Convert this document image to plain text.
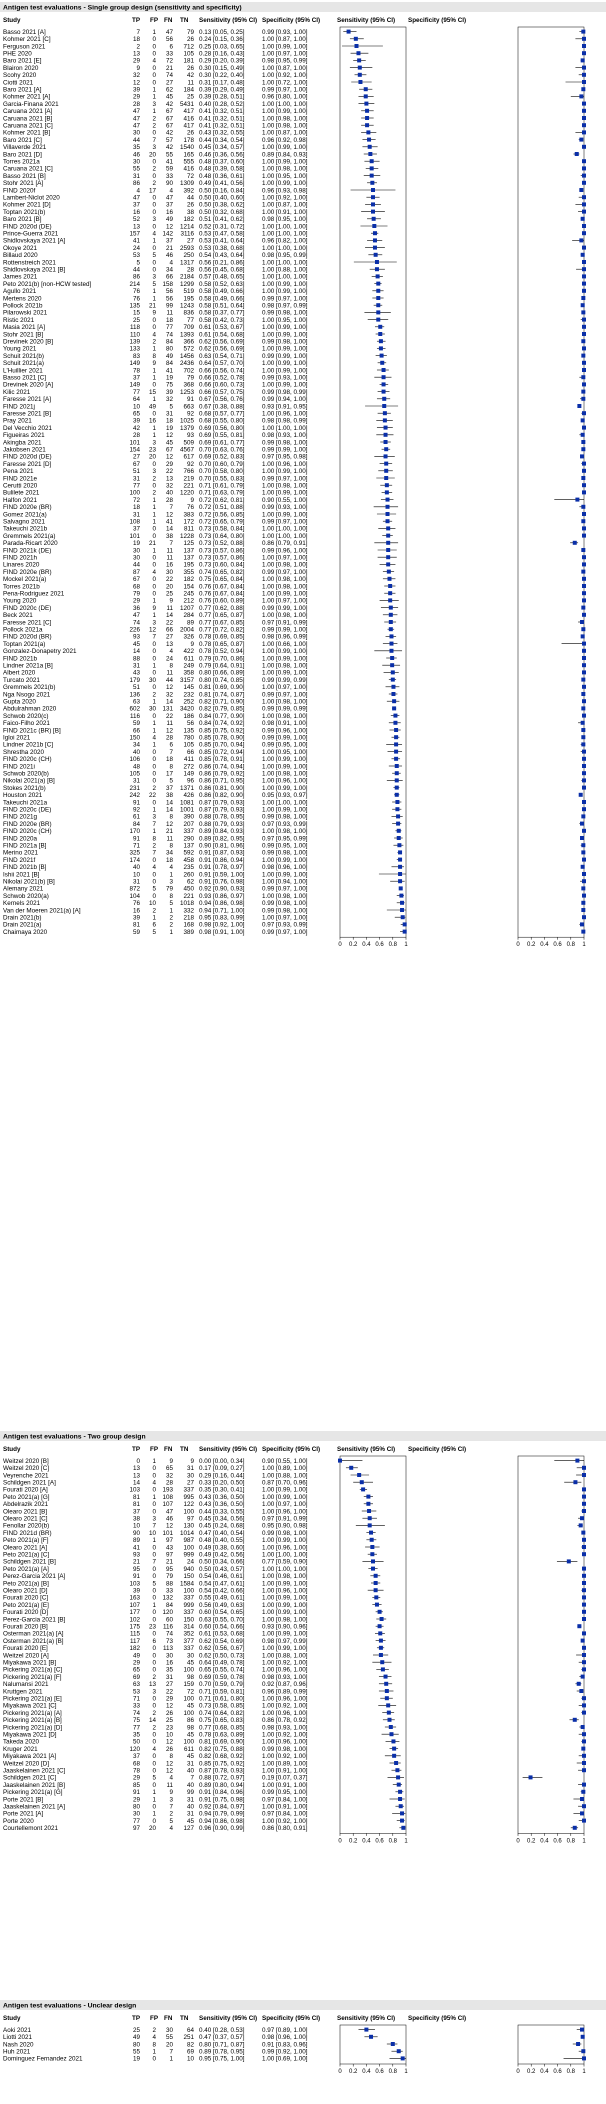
Antigen test evaluations - Single group design (sensitivity and specificity)
Study	TP FP FN TN Sensitivity (95% CI) Specificity (95% CI)	Sensitivity (95% CI) Specificity (95% CI)
Basso 2021 [A]	7 1 47 79 0.13 [0.05, 0.25]	0.99 [0.93, 1.00]
Kohmer 2021 [C]	18 0 56 26 0.24 [0.15, 0.36]	1.00 [0.87, 1.00]
Ferguson 2021	2 0 6 712 0.25 [0.03, 0.65]	1.00 [0.99, 1.00]
PHE 2020	13 0 33 105 0.28 [0.16, 0.43]	1.00 [0.97, 1.00]
Baro 2021 [E]	29 4 72 181 0.29 [0.20, 0.39]	0.98 [0.95, 0.99]
Blairon 2020	9 0 21 26 0.30 [0.15, 0.49]	1.00 [0.87, 1.00]
Scohy 2020	32 0 74 42 0.30 [0.22, 0.40]	1.00 [0.92, 1.00]
Ciotti 2021	12 0 27 11 0.31 [0.17, 0.48]	1.00 [0.72, 1.00]
Baro 2021 [A]	39 1 62 184 0.39 [0.29, 0.49]	0.99 [0.97, 1.00]
Kohmer 2021 [A]	29 1 45 25 0.39 [0.28, 0.51]	0.96 [0.80, 1.00]
Garcia-Finana 2021	28 3 42 5431 0.40 [0.28, 0.52]	1.00 [1.00, 1.00]
Caruana 2021 [A]	47 1 67 417 0.41 [0.32, 0.51]	1.00 [0.99, 1.00]
Caruana 2021 [B]	47 2 67 416 0.41 [0.32, 0.51]	1.00 [0.98, 1.00]
Caruana 2021 [C]	47 2 67 417 0.41 [0.32, 0.51]	1.00 [0.98, 1.00]
Kohmer 2021 [B]	30 0 42 26 0.43 [0.32, 0.55]	1.00 [0.87, 1.00]
Baro 2021 [C]	44 7 57 178 0.44 [0.34, 0.54]	0.96 [0.92, 0.98]
Villaverde 2021	35 3 42 1540 0.45 [0.34, 0.57]	1.00 [0.99, 1.00]
Baro 2021 [D]	46 20 55 165 0.46 [0.36, 0.56]	0.89 [0.84, 0.93]
Torres 2021a	30 0 41 555 0.48 [0.37, 0.60]	1.00 [0.99, 1.00]
Caruana 2021 [C]	55 2 59 416 0.48 [0.39, 0.58]	1.00 [0.98, 1.00]
Basso 2021 [B]	31 0 33 72 0.48 [0.36, 0.61]	1.00 [0.95, 1.00]
Stohr 2021 [A]	86 2 90 1309 0.49 [0.41, 0.56]	1.00 [0.99, 1.00]
FIND 2020f	4 17 4 392 0.50 [0.16, 0.84]	0.96 [0.93, 0.98]
Lambert-Niclot 2020	47 0 47 44 0.50 [0.40, 0.60]	1.00 [0.92, 1.00]
Kohmer 2021 [D]	37 0 37 26 0.50 [0.38, 0.62]	1.00 [0.87, 1.00]
Toptan 2021(b)	16 0 16 38 0.50 [0.32, 0.68]	1.00 [0.91, 1.00]
Baro 2021 [B]	52 3 49 182 0.51 [0.41, 0.62]	0.98 [0.95, 1.00]
FIND 2020d (DE)	13 0 12 1214 0.52 [0.31, 0.72]	1.00 [1.00, 1.00]
Prince-Guerra 2021	157 4 142 3116 0.53 [0.47, 0.58]	1.00 [1.00, 1.00]
Shidlovskaya 2021 [A]	41 1 37 27 0.53 [0.41, 0.64]	0.96 [0.82, 1.00]
Okoye 2021	24 0 21 2593 0.53 [0.38, 0.68]	1.00 [1.00, 1.00]
Billaud 2020	53 5 46 250 0.54 [0.43, 0.64]	0.98 [0.95, 0.99]
Rottenstreich 2021	5 0 4 1317 0.56 [0.21, 0.86]	1.00 [1.00, 1.00]
Shidlovskaya 2021 [B]	44 0 34 28 0.56 [0.45, 0.68]	1.00 [0.88, 1.00]
James 2021	86 3 66 2184 0.57 [0.48, 0.65]	1.00 [1.00, 1.00]
Peto 2021(b) [non-HCW tested]	214 5 158 1299 0.58 [0.52, 0.63]	1.00 [0.99, 1.00]
Agullo 2021	76 1 56 519 0.58 [0.49, 0.66]	1.00 [0.99, 1.00]
Mertens 2020	76 1 56 195 0.58 [0.49, 0.66]	0.99 [0.97, 1.00]
Pollock 2021b	135 21 99 1243 0.58 [0.51, 0.64]	0.98 [0.97, 0.99]
Pilarowski 2021	15 9 11 836 0.58 [0.37, 0.77]	0.99 [0.98, 1.00]
Ristic 2021	25 0 18 77 0.58 [0.42, 0.73]	1.00 [0.95, 1.00]
Masia 2021 [A]	118 0 77 709 0.61 [0.53, 0.67]	1.00 [0.99, 1.00]
Stohr 2021 [B]	110 4 74 1393 0.61 [0.54, 0.68]	1.00 [0.99, 1.00]
Drevinek 2020 [B]	139 2 84 366 0.62 [0.56, 0.69]	0.99 [0.98, 1.00]
Young 2021	133 1 80 572 0.62 [0.56, 0.69]	1.00 [0.99, 1.00]
Schuit 2021(b)	83 8 49 1456 0.63 [0.54, 0.71]	0.99 [0.99, 1.00]
Schuit 2021(a)	149 9 84 2436 0.64 [0.57, 0.70]	1.00 [0.99, 1.00]
L'Huillier 2021	78 1 41 702 0.66 [0.56, 0.74]	1.00 [0.99, 1.00]
Basso 2021 [C]	37 1 19 79 0.66 [0.52, 0.78]	0.99 [0.93, 1.00]
Drevinek 2020 [A]	149 0 75 368 0.66 [0.60, 0.73]	1.00 [0.99, 1.00]
Kilic 2021	77 15 39 1253 0.66 [0.57, 0.75]	0.99 [0.98, 0.99]
Faresse 2021 [A]	64 1 32 91 0.67 [0.56, 0.76]	0.99 [0.94, 1.00]
FIND 2021j	10 49 5 663 0.67 [0.38, 0.88]	0.93 [0.91, 0.95]
Faresse 2021 [B]	65 0 31 92 0.68 [0.57, 0.77]	1.00 [0.96, 1.00]
Pray 2021	39 16 18 1025 0.68 [0.55, 0.80]	0.98 [0.98, 0.99]
Del Vecchio 2021	42 1 19 1379 0.69 [0.56, 0.80]	1.00 [1.00, 1.00]
Figueiras 2021	28 1 12 93 0.69 [0.55, 0.81]	0.98 [0.93, 1.00]
Akingba 2021	101 3 45 509 0.69 [0.61, 0.77]	0.99 [0.98, 1.00]
Jakobsen 2021	154 23 67 4567 0.70 [0.63, 0.76]	0.99 [0.99, 1.00]
FIND 2020d (DE)	27 20 12 617 0.69 [0.52, 0.83]	0.97 [0.95, 0.98]
Faresse 2021 [D]	67 0 29 92 0.70 [0.60, 0.79]	1.00 [0.96, 1.00]
Pena 2021	51 3 22 766 0.70 [0.58, 0.80]	1.00 [0.99, 1.00]
FIND 2021e	31 2 13 219 0.70 [0.55, 0.83]	0.99 [0.97, 1.00]
Cerutti 2020	77 0 32 221 0.71 [0.61, 0.79]	1.00 [0.98, 1.00]
Bulilete 2021	100 2 40 1220 0.71 [0.63, 0.79]	1.00 [0.99, 1.00]
Halfon 2021	72 1 28	9 0.72 [0.62, 0.81]	0.90 [0.55, 1.00]
FIND 2020e (BR)	18 1 7 76 0.72 [0.51, 0.88]	0.99 [0.93, 1.00]
Gomez 2021(a)	31 1 12 383 0.72 [0.56, 0.85]	1.00 [0.99, 1.00]
Salvagno 2021	108 1 41 172 0.72 [0.65, 0.79]	0.99 [0.97, 1.00]
Takeuchi 2021b	37 0 14 811 0.73 [0.58, 0.84]	1.00 [1.00, 1.00]
Gremmels 2021(a)	101 0 38 1228 0.73 [0.64, 0.80]	1.00 [1.00, 1.00]
Parada-Ricart 2020	19 21 7 125 0.73 [0.52, 0.88]	0.86 [0.79, 0.91]
FIND 2021k (DE)	30 1 11 137 0.73 [0.57, 0.86]	0.99 [0.96, 1.00]
FIND 2021h	30 0 11 137 0.73 [0.57, 0.86]	1.00 [0.97, 1.00]
Linares 2020	44 0 16 195 0.73 [0.60, 0.84]	1.00 [0.98, 1.00]
FIND 2020e (BR)	87 4 30 355 0.74 [0.65, 0.82]	0.99 [0.97, 1.00]
Mockel 2021(a)	67 0 22 182 0.75 [0.65, 0.84]	1.00 [0.98, 1.00]
Torres 2021b	68 0 20 154 0.76 [0.67, 0.84]	1.00 [0.98, 1.00]
Pena-Rodriguez 2021	79 0 25 245 0.76 [0.67, 0.84]	1.00 [0.99, 1.00]
Young 2020	29 1 9 212 0.76 [0.60, 0.89]	1.00 [0.97, 1.00]
FIND 2020c (DE)	36 9 11 1207 0.77 [0.62, 0.88]	0.99 [0.99, 1.00]
Beck 2021	47 1 14 284 0.77 [0.65, 0.87]	1.00 [0.98, 1.00]
Faresse 2021 [C]	74 3 22 89 0.77 [0.67, 0.85]	0.97 [0.91, 0.99]
Pollock 2021a	226 12 66 2004 0.77 [0.72, 0.82]	0.99 [0.99, 1.00]
FIND 2020d (BR)	93 7 27 326 0.78 [0.69, 0.85]	0.98 [0.96, 0.99]
Toptan 2021(a)	45 0 13	9 0.78 [0.65, 0.87]	1.00 [0.66, 1.00]
Gonzalez-Donapetry 2021	14 0 4 422 0.78 [0.52, 0.94]	1.00 [0.99, 1.00]
FIND 2021b	88 0 24 611 0.79 [0.70, 0.86]	1.00 [0.99, 1.00]
Lindner 2021a [B]	31 1 8 249 0.79 [0.64, 0.91]	1.00 [0.98, 1.00]
Albert 2020	43 0 11 358 0.80 [0.66, 0.89]	1.00 [0.99, 1.00]
Turcato 2021	179 30 44 3157 0.80 [0.74, 0.85]	0.99 [0.99, 0.99]
Gremmels 2021(b)	51 0 12 145 0.81 [0.69, 0.90]	1.00 [0.97, 1.00]
Nga Nsogo 2021	136 2 32 232 0.81 [0.74, 0.87]	0.99 [0.97, 1.00]
Gupta 2020	63 1 14 252 0.82 [0.71, 0.90]	1.00 [0.98, 1.00]
Abdulrahman 2020	602 30 131 3420 0.82 [0.79, 0.85]	0.99 [0.99, 0.99]
Schwob 2020(c)	116 0 22 186 0.84 [0.77, 0.90]	1.00 [0.98, 1.00]
Faico-Filho 2021	59 1 11 56 0.84 [0.74, 0.92]	0.98 [0.91, 1.00]
FIND 2021c (BR) [B]	66 1 12 135 0.85 [0.75, 0.92]	0.99 [0.96, 1.00]
Igloi 2021	150 4 28 780 0.85 [0.78, 0.90]	0.99 [0.99, 1.00]
Lindner 2021b [C]	34 1 6 105 0.85 [0.70, 0.94]	0.99 [0.95, 1.00]
Shrestha 2020	40 0 7 66 0.85 [0.72, 0.94]	1.00 [0.95, 1.00]
FIND 2020c (CH)	106 0 18 411 0.85 [0.78, 0.91]	1.00 [0.99, 1.00]
FIND 2021i	48 0 8 272 0.86 [0.74, 0.94]	1.00 [0.99, 1.00]
Schwob 2020(b)	105 0 17 149 0.86 [0.79, 0.92]	1.00 [0.98, 1.00]
Nikolai 2021(a) [B]	31 0 5 96 0.86 [0.71, 0.95]	1.00 [0.96, 1.00]
Stokes 2021(b)	231 2 37 1371 0.86 [0.81, 0.90]	1.00 [0.99, 1.00]
Houston 2021	242 22 38 426 0.86 [0.82, 0.90]	0.95 [0.93, 0.97]
Takeuchi 2021a	91 0 14 1081 0.87 [0.79, 0.93]	1.00 [1.00, 1.00]
FIND 2020c (DE)	92 1 14 1001 0.87 [0.79, 0.93]	1.00 [0.99, 1.00]
FIND 2021g	61 3 8 390 0.88 [0.78, 0.95]	0.99 [0.98, 1.00]
FIND 2020e (BR)	84 7 12 207 0.88 [0.79, 0.93]	0.97 [0.93, 0.99]
FIND 2020c (CH)	170 1 21 337 0.89 [0.84, 0.93]	1.00 [0.98, 1.00]
FIND 2020a	91 8 11 290 0.89 [0.82, 0.95]	0.97 [0.95, 0.99]
FIND 2021a [B]	71 2 8 137 0.90 [0.81, 0.96]	0.99 [0.95, 1.00]
Merino 2021	325 7 34 592 0.91 [0.87, 0.93]	0.99 [0.98, 1.00]
FIND 2021f	174 0 18 458 0.91 [0.86, 0.94]	1.00 [0.99, 1.00]
FIND 2021b [B]	40 4 4 235 0.91 [0.78, 0.97]	0.98 [0.96, 1.00]
Ishii 2021 [B]	10 0 1 260 0.91 [0.59, 1.00]	1.00 [0.99, 1.00]
Nikolai 2021(b) [B]	31 0 3 62 0.91 [0.76, 0.98]	1.00 [0.94, 1.00]
Alemany 2021	872 5 79 450 0.92 [0.90, 0.93]	0.99 [0.97, 1.00]
Schwob 2020(a)	104 0 8 221 0.93 [0.86, 0.97]	1.00 [0.98, 1.00]
Kernels 2021	76 10 5 1018 0.94 [0.86, 0.98]	0.99 [0.98, 1.00]
Van der Moeren 2021(a) [A]	16 2 1 332 0.94 [0.71, 1.00]	0.99 [0.98, 1.00]
Drain 2021(b)	39 1 2 218 0.95 [0.83, 0.99]	1.00 [0.97, 1.00]
Drain 2021(a)	81 6 2 168 0.98 [0.92, 1.00]	0.97 [0.93, 0.99]
Chaimaya 2020	59 5 1 389 0.98 [0.91, 1.00]	0.99 [0.97, 1.00]
0 0.2 0.4 0.6 0.8 1	0 0.2 0.4 0.6 0.8 1
Antigen test evaluations - Two group design
Study	TP FP FN TN Sensitivity (95% CI) Specificity (95% CI)	Sensitivity (95% CI) Specificity (95% CI)
Weitzel 2020 [B]	0 1 9	9 0.00 [0.00, 0.34]	0.90 [0.55, 1.00]
Weitzel 2020 [C]	13 0 65 31 0.17 [0.09, 0.27]	1.00 [0.89, 1.00]
Veyrenche 2021	13 0 32 30 0.29 [0.16, 0.44]	1.00 [0.88, 1.00]
Schildgen 2021 [A]	14 4 28 27 0.33 [0.20, 0.50]	0.87 [0.70, 0.96]
Fourati 2020 [A]	103 0 193 337 0.35 [0.30, 0.41]	1.00 [0.99, 1.00]
Peto 2021(a) [G]	81 1 108 995 0.43 [0.36, 0.50]	1.00 [0.99, 1.00]
Abdelrazik 2021	81 0 107 122 0.43 [0.36, 0.50]	1.00 [0.97, 1.00]
Olearo 2021 [B]	37 0 47 100 0.44 [0.33, 0.55]	1.00 [0.96, 1.00]
Olearo 2021 [C]	38 3 46 97 0.45 [0.34, 0.56]	0.97 [0.91, 0.99]
Fenollar 2020(b)	10 7 12 130 0.45 [0.24, 0.68]	0.95 [0.90, 0.98]
FIND 2021d (BR)	90 10 101 1014 0.47 [0.40, 0.54]	0.99 [0.98, 1.00]
Peto 2021(a) [F]	89 1 97 987 0.48 [0.40, 0.55]	1.00 [0.99, 1.00]
Olearo 2021 [A]	41 0 43 100 0.49 [0.38, 0.60]	1.00 [0.96, 1.00]
Peto 2021(a) [C]	93 0 97 999 0.49 [0.42, 0.56]	1.00 [1.00, 1.00]
Schildgen 2021 [B]	21 7 21 24 0.50 [0.34, 0.66]	0.77 [0.59, 0.90]
Peto 2021(a) [A]	95 0 95 940 0.50 [0.43, 0.57]	1.00 [1.00, 1.00]
Perez-Garcia 2021 [A]	91 0 79 150 0.54 [0.46, 0.61]	1.00 [0.98, 1.00]
Peto 2021(a) [B]	103 5 88 1584 0.54 [0.47, 0.61]	1.00 [0.99, 1.00]
Olearo 2021 [D]	39 0 33 100 0.54 [0.42, 0.66]	1.00 [0.96, 1.00]
Fourati 2020 [C]	163 0 132 337 0.55 [0.49, 0.61]	1.00 [0.99, 1.00]
Peto 2021(a) [E]	107 1 84 999 0.56 [0.49, 0.63]	1.00 [0.99, 1.00]
Fourati 2020 [D]	177 0 120 337 0.60 [0.54, 0.65]	1.00 [0.99, 1.00]
Perez-Garcia 2021 [B]	102 0 60 150 0.63 [0.55, 0.70]	1.00 [0.98, 1.00]
Fourati 2020 [B]	175 23 116 314 0.60 [0.54, 0.66]	0.93 [0.90, 0.96]
Osterman 2021(a) [A]	115 0 74 352 0.61 [0.53, 0.68]	1.00 [0.99, 1.00]
Osterman 2021(a) [B]	117 6 73 377 0.62 [0.54, 0.69]	0.98 [0.97, 0.99]
Fourati 2020 [E]	182 0 113 337 0.62 [0.56, 0.67]	1.00 [0.99, 1.00]
Weitzel 2020 [A]	49 0 30 30 0.62 [0.50, 0.73]	1.00 [0.88, 1.00]
Miyakawa 2021 [B]	29 0 16 45 0.64 [0.49, 0.78]	1.00 [0.92, 1.00]
Pickering 2021(a) [C]	65 0 35 100 0.65 [0.55, 0.74]	1.00 [0.96, 1.00]
Pickering 2021(a) [F]	69 2 31 98 0.69 [0.59, 0.78]	0.98 [0.93, 1.00]
Nalumansi 2021	63 13 27 159 0.70 [0.59, 0.79]	0.92 [0.87, 0.96]
Kruttgen 2021	53 3 22 72 0.71 [0.59, 0.81]	0.96 [0.89, 0.99]
Pickering 2021(a) [E]	71 0 29 100 0.71 [0.61, 0.80]	1.00 [0.96, 1.00]
Miyakawa 2021 [C]	33 0 12 45 0.73 [0.58, 0.85]	1.00 [0.92, 1.00]
Pickering 2021(a) [A]	74 2 26 100 0.74 [0.64, 0.82]	1.00 [0.96, 1.00]
Pickering 2021(a) [B]	75 14 25 86 0.75 [0.65, 0.83]	0.86 [0.78, 0.92]
Pickering 2021(a) [D]	77 2 23 98 0.77 [0.68, 0.85]	0.98 [0.93, 1.00]
Miyakawa 2021 [D]	35 0 10 45 0.78 [0.63, 0.89]	1.00 [0.92, 1.00]
Takeda 2020	50 0 12 100 0.81 [0.69, 0.90]	1.00 [0.96, 1.00]
Kruger 2021	120 4 26 611 0.82 [0.75, 0.88]	0.99 [0.98, 1.00]
Miyakawa 2021 [A]	37 0 8 45 0.82 [0.68, 0.92]	1.00 [0.92, 1.00]
Weitzel 2020 [D]	68 0 12 31 0.85 [0.75, 0.92]	1.00 [0.89, 1.00]
Jaaskelainen 2021 [C]	78 0 12 40 0.87 [0.78, 0.93]	1.00 [0.91, 1.00]
Schildgen 2021 [C]	29 5 4	7 0.88 [0.72, 0.97]	0.19 [0.07, 0.37]
Jaaskelainen 2021 [B]	85 0 11 40 0.89 [0.80, 0.94]	1.00 [0.91, 1.00]
Pickering 2021(a) [G]	91 1 9 99 0.91 [0.84, 0.96]	0.99 [0.95, 1.00]
Porte 2021 [B]	29 1 3 31 0.91 [0.75, 0.98]	0.97 [0.84, 1.00]
Jaaskelainen 2021 [A]	80 0 7 40 0.92 [0.84, 0.97]	1.00 [0.91, 1.00]
Porte 2021 [A]	30 1 2 31 0.94 [0.79, 0.99]	0.97 [0.84, 1.00]
Porte 2020	77 0 5 45 0.94 [0.86, 0.98]	1.00 [0.92, 1.00]
Courtellemont 2021	97 20 4 127 0.96 [0.90, 0.99]	0.86 [0.80, 0.91]
0 0.2 0.4 0.6 0.8 1	0 0.2 0.4 0.6 0.8 1
Antigen test evaluations - Unclear design
Study	TP FP FN TN Sensitivity (95% CI) Specificity (95% CI)	Sensitivity (95% CI) Specificity (95% CI)
Aoki 2021	25 2 30 64 0.40 [0.28, 0.53]	0.97 [0.89, 1.00]
Liotti 2021	49 4 55 251 0.47 [0.37, 0.57]	0.98 [0.96, 1.00]
Nash 2020	80 8 20 82 0.80 [0.71, 0.87]	0.91 [0.83, 0.96]
Huh 2021	55 1 7 69 0.89 [0.78, 0.95]	0.99 [0.92, 1.00]
Dominguez Fernandez 2021	19 0 1 10 0.95 [0.75, 1.00]	1.00 [0.69, 1.00]
0 0.2 0.4 0.6 0.8 1	0 0.2 0.4 0.6 0.8 1
